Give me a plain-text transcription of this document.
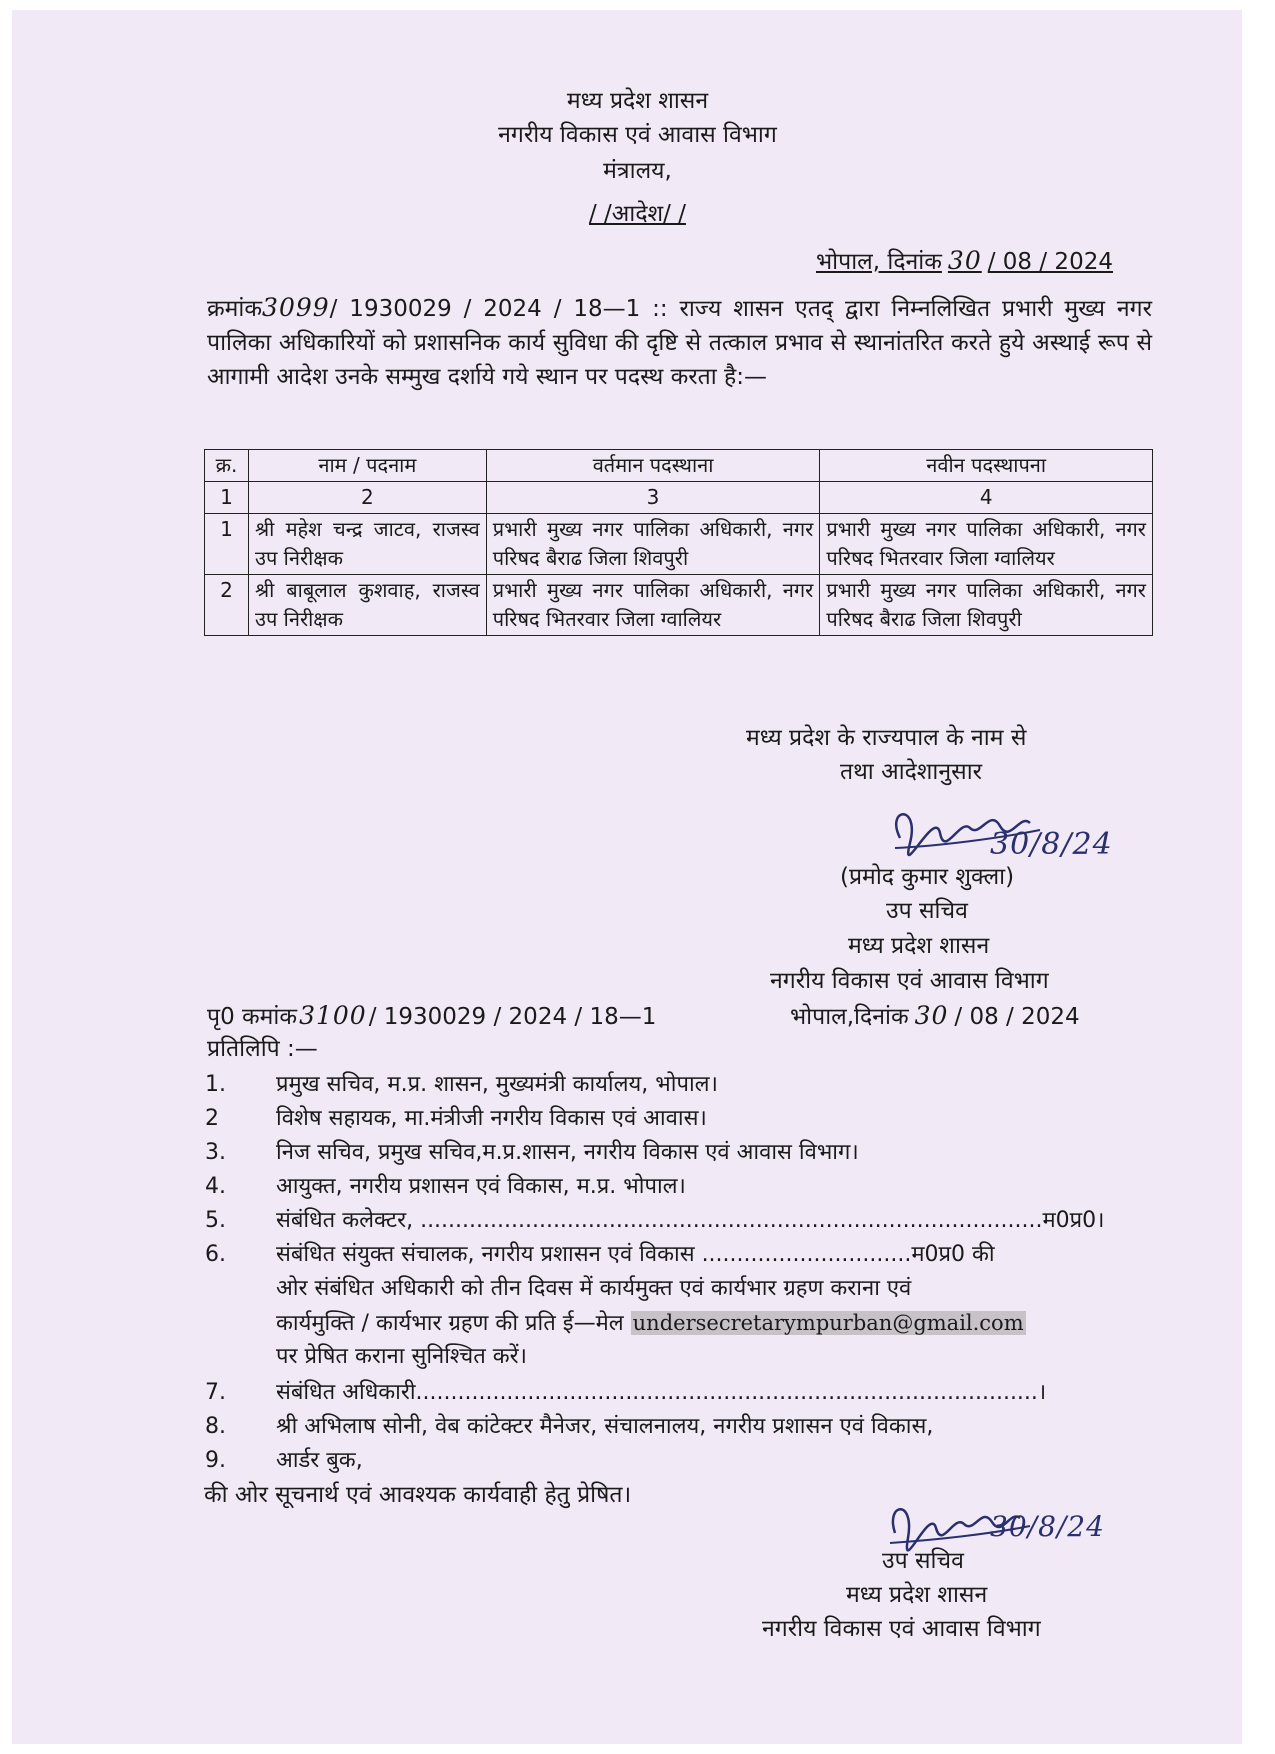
मध्य प्रदेश शासन
नगरीय विकास एवं आवास विभाग
मंत्रालय,
/ /आदेश/ /
भोपाल, दिनांक 30 / 08 / 2024
क्रमांक3099/ 1930029 / 2024 / 18—1 :: राज्य शासन एतद् द्वारा निम्नलिखित प्रभारी मुख्य नगर पालिका अधिकारियों को प्रशासनिक कार्य सुविधा की दृष्टि से तत्काल प्रभाव से स्थानांतरित करते हुये अस्थाई रूप से आगामी आदेश उनके सम्मुख दर्शाये गये स्थान पर पदस्थ करता है:—
क्र.	नाम / पदनाम	वर्तमान पदस्थाना	नवीन पदस्थापना
1	2	3	4
1	श्री महेश चन्द्र जाटव, राजस्व उप निरीक्षक	प्रभारी मुख्य नगर पालिका अधिकारी, नगर परिषद बैराढ जिला शिवपुरी	प्रभारी मुख्य नगर पालिका अधिकारी, नगर परिषद भितरवार जिला ग्वालियर
2	श्री बाबूलाल कुशवाह, राजस्व उप निरीक्षक	प्रभारी मुख्य नगर पालिका अधिकारी, नगर परिषद भितरवार जिला ग्वालियर	प्रभारी मुख्य नगर पालिका अधिकारी, नगर परिषद बैराढ जिला शिवपुरी
मध्य प्रदेश के राज्यपाल के नाम से
तथा आदेशानुसार
30/8/24
(प्रमोद कुमार शुक्ला)
उप सचिव
मध्य प्रदेश शासन
नगरीय विकास एवं आवास विभाग
पृ0 कमांक3100/ 1930029 / 2024 / 18—1	भोपाल,दिनांक 30 / 08 / 2024
प्रतिलिपि :—
1. प्रमुख सचिव, म.प्र. शासन, मुख्यमंत्री कार्यालय, भोपाल।
2	विशेष सहायक, मा.मंत्रीजी नगरीय विकास एवं आवास।
3. निज सचिव, प्रमुख सचिव,म.प्र.शासन, नगरीय विकास एवं आवास विभाग।
4. आयुक्त, नगरीय प्रशासन एवं विकास, म.प्र. भोपाल।
5. संबंधित कलेक्टर, .........................................................................................म0प्र0।
6. संबंधित संयुक्त संचालक, नगरीय प्रशासन एवं विकास ..............................म0प्र0 की
ओर संबंधित अधिकारी को तीन दिवस में कार्यमुक्त एवं कार्यभार ग्रहण कराना एवं
कार्यमुक्ति / कार्यभार ग्रहण की प्रति ई—मेल undersecretarympurban@gmail.com
पर प्रेषित कराना सुनिश्चित करें।
7. संबंधित अधिकारी.........................................................................................।
8. श्री अभिलाष सोनी, वेब कांटेक्टर मैनेजर, संचालनालय, नगरीय प्रशासन एवं विकास,
9. आर्डर बुक,
की ओर सूचनार्थ एवं आवश्यक कार्यवाही हेतु प्रेषित।
30/8/24
उप सचिव
मध्य प्रदेश शासन
नगरीय विकास एवं आवास विभाग
